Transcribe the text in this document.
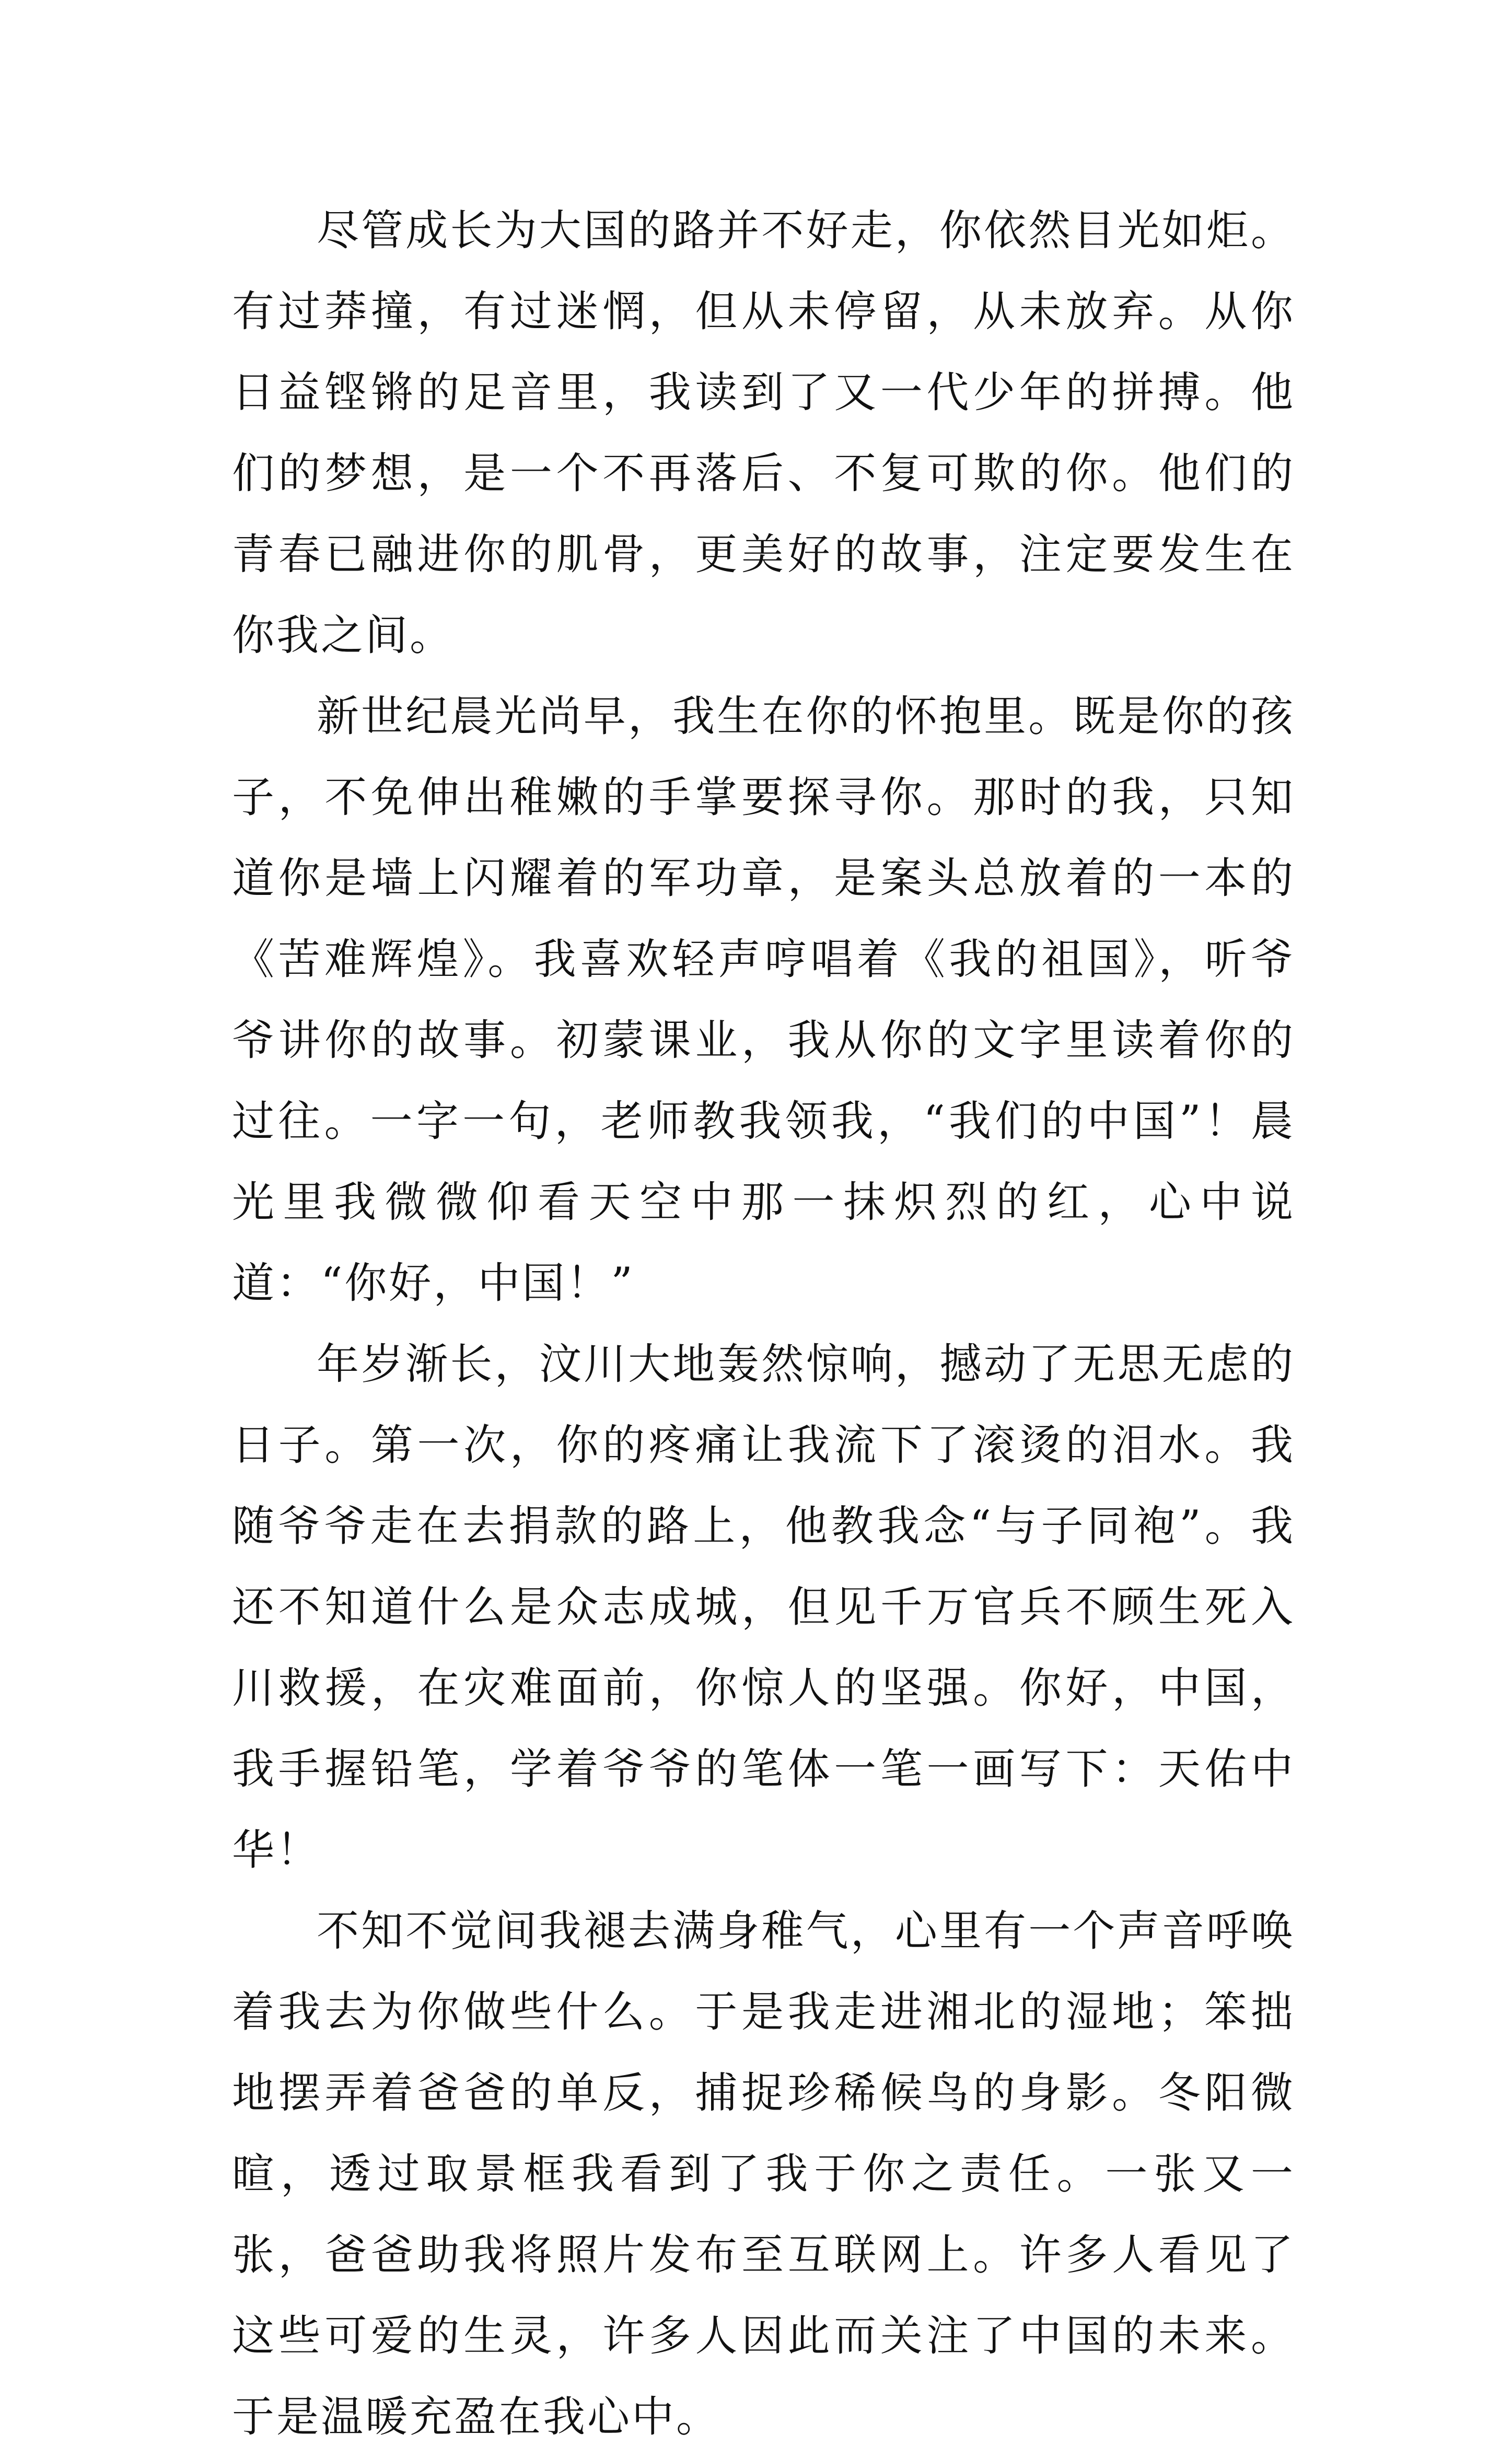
尽管成长为大国的路并不好走，你依然目光如炬。有过莽撞，有过迷惘，但从未停留，从未放弃。从你日益铿锵的足音里，我读到了又一代少年的拼搏。他们的梦想，是一个不再落后、不复可欺的你。他们的青春已融进你的肌骨，更美好的故事，注定要发生在你我之间。

新世纪晨光尚早，我生在你的怀抱里。既是你的孩子，不免伸出稚嫩的手掌要探寻你。那时的我，只知道你是墙上闪耀着的军功章，是案头总放着的一本的《苦难辉煌》。我喜欢轻声哼唱着《我的祖国》，听爷爷讲你的故事。初蒙课业，我从你的文字里读着你的过往。一字一句，老师教我领我，“我们的中国”！晨光里我微微仰看天空中那一抹炽烈的红，心中说道：“你好，中国！”

年岁渐长，汶川大地轰然惊响，撼动了无思无虑的日子。第一次，你的疼痛让我流下了滚烫的泪水。我随爷爷走在去捐款的路上，他教我念“与子同袍”。我还不知道什么是众志成城，但见千万官兵不顾生死入川救援，在灾难面前，你惊人的坚强。你好，中国，我手握铅笔，学着爷爷的笔体一笔一画写下：天佑中华！

不知不觉间我褪去满身稚气，心里有一个声音呼唤着我去为你做些什么。于是我走进湘北的湿地；笨拙地摆弄着爸爸的单反，捕捉珍稀候鸟的身影。冬阳微暄，透过取景框我看到了我于你之责任。一张又一张，爸爸助我将照片发布至互联网上。许多人看见了这些可爱的生灵，许多人因此而关注了中国的未来。于是温暖充盈在我心中。
